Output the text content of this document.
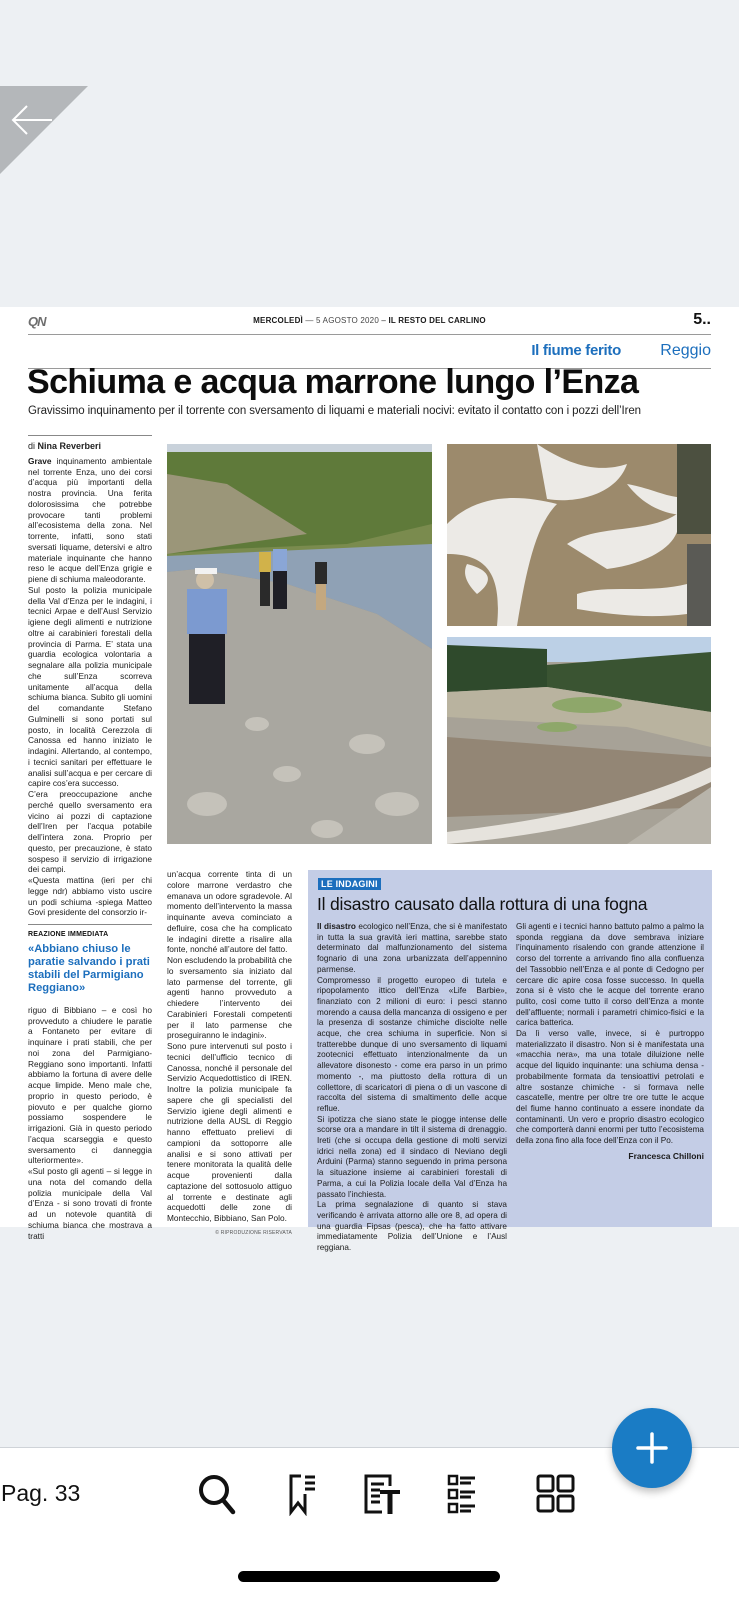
QN	MERCOLEDÌ — 5 AGOSTO 2020 – IL RESTO DEL CARLINO	5..
Il fiume ferito Reggio
Schiuma e acqua marrone lungo l’Enza
Gravissimo inquinamento per il torrente con sversamento di liquami e materiali nocivi: evitato il contatto con i pozzi dell’Iren
di Nina Reverberi

Grave inquinamento ambientale nel torrente Enza, uno dei corsi d’acqua più importanti della nostra provincia. Una ferita dolorosissima che potrebbe provocare tanti problemi all’ecosistema della zona. Nel torrente, infatti, sono stati sversati liquame, detersivi e altro materiale inquinante che hanno reso le acque dell’Enza grigie e piene di schiuma maleodorante.

Sul posto la polizia municipale della Val d’Enza per le indagini, i tecnici Arpae e dell’Ausl Servizio igiene degli alimenti e nutrizione oltre ai carabinieri forestali della provincia di Parma. E’ stata una guardia ecologica volontaria a segnalare alla polizia municipale che sull’Enza scorreva unitamente all’acqua della schiuma bianca. Subito gli uomini del comandante Stefano Gulminelli si sono portati sul posto, in località Cerezzola di Canossa ed hanno iniziato le indagini. Allertando, al contempo, i tecnici sanitari per effettuare le analisi sull’acqua e per cercare di capire cos’era successo.

C’era preoccupazione anche perché quello sversamento era vicino ai pozzi di captazione dell’Iren per l’acqua potabile dell’intera zona. Proprio per questo, per precauzione, è stato sospeso il servizio di irrigazione dei campi.

«Questa mattina (ieri per chi legge ndr) abbiamo visto uscire un podi schiuma -spiega Matteo Govi presidente del consorzio ir-

REAZIONE IMMEDIATA
«Abbiano chiuso le paratie salvando i prati stabili del Parmigiano Reggiano»

riguo di Bibbiano – e così ho provveduto a chiudere le paratie a Fontaneto per evitare di inquinare i prati stabili, che per noi zona del Parmigiano-Reggiano sono importanti. Infatti abbiamo la fortuna di avere delle acque limpide. Meno male che, proprio in questo periodo, è piovuto e per qualche giorno possiamo sospendere le irrigazioni. Già in questo periodo l’acqua scarseggia e questo sversamento ci danneggia ulteriormente».

«Sul posto gli agenti – si legge in una nota del comando della polizia municipale della Val d’Enza - si sono trovati di fronte ad un notevole quantità di schiuma bianca che mostrava a tratti

un’acqua corrente tinta di un colore marrone verdastro che emanava un odore sgradevole. Al momento dell’intervento la massa inquinante aveva cominciato a defluire, cosa che ha complicato le indagini dirette a risalire alla fonte, nonché all’autore del fatto.

Non escludendo la probabilità che lo sversamento sia iniziato dal lato parmense del torrente, gli agenti hanno provveduto a chiedere l’intervento dei Carabinieri Forestali competenti per il lato parmense che proseguiranno le indagini».

Sono pure intervenuti sul posto i tecnici dell’ufficio tecnico di Canossa, nonché il personale del Servizio Acquedottistico di IREN. Inoltre la polizia municipale fa sapere che gli specialisti del Servizio igiene degli alimenti e nutrizione della AUSL di Reggio hanno effettuato prelievi di campioni da sottoporre alle analisi e si sono attivati per tenere monitorata la qualità delle acque provenienti dalla captazione del sottosuolo attiguo al torrente e destinate agli acquedotti delle zone di Montecchio, Bibbiano, San Polo.

© RIPRODUZIONE RISERVATA
LE INDAGINI
Il disastro causato dalla rottura di una fogna

Il disastro ecologico nell’Enza, che si è manifestato in tutta la sua gravità ieri mattina, sarebbe stato determinato dal malfunzionamento del sistema fognario di una zona urbanizzata dell’appennino parmense.

Compromesso il progetto europeo di tutela e ripopolamento ittico dell’Enza «Life Barbie», finanziato con 2 milioni di euro: i pesci stanno morendo a causa della mancanza di ossigeno e per la presenza di sostanze chimiche disciolte nelle acque, che crea schiuma in superficie. Non si tratterebbe dunque di uno sversamento di liquami zootecnici effettuato intenzionalmente da un allevatore disonesto - come era parso in un primo momento -, ma piuttosto della rottura di un collettore, di scaricatori di piena o di un vascone di raccolta del sistema di smaltimento delle acque reflue.

Si ipotizza che siano state le piogge intense delle scorse ora a mandare in tilt il sistema di drenaggio. Ireti (che si occupa della gestione di molti servizi idrici nella zona) ed il sindaco di Neviano degli Arduini (Parma) stanno seguendo in prima persona la situazione insieme ai carabinieri forestali di Parma, a cui la Polizia locale della Val d’Enza ha passato l’inchiesta.

La prima segnalazione di quanto si stava verificando è arrivata attorno alle ore 8, ad opera di una guardia Fipsas (pesca), che ha fatto attivare immediatamente Polizia dell’Unione e l’Ausl reggiana.

Gli agenti e i tecnici hanno battuto palmo a palmo la sponda reggiana da dove sembrava iniziare l’inquinamento risalendo con grande attenzione il corso del torrente a arrivando fino alla confluenza del Tassobbio nell’Enza e al ponte di Cedogno per cercare dic apire cosa fosse successo. In quella zona si è visto che le acque del torrente erano pulito, così come tutto il corso dell’Enza a monte dell’affluente; normali i parametri chimico-fisici e la carica batterica.

Da lì verso valle, invece, si è purtroppo materializzato il disastro. Non si è manifestata una «macchia nera», ma una totale diluizione nelle acque del liquido inquinante: una schiuma densa - probabilmente formata da tensioattivi petrolati e altre sostanze chimiche - si formava nelle cascatelle, mentre per oltre tre ore tutte le acque del fiume hanno continuato a essere inondate da contaminanti. Un vero e proprio disastro ecologico che comporterà danni enormi per tutto l’ecosistema della zona fino alla foce dell’Enza con il Po.

Francesca Chilloni
Pag. 33
